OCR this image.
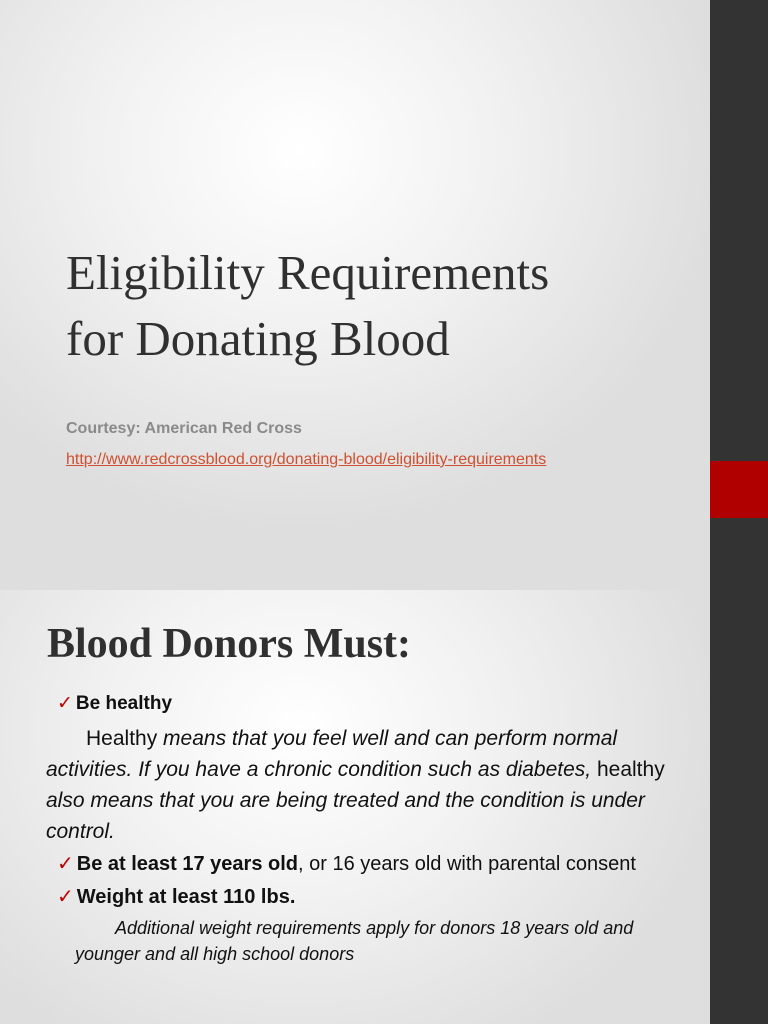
Eligibility Requirements
for Donating Blood
Courtesy: American Red Cross
http://www.redcrossblood.org/donating-blood/eligibility-requirements
Blood Donors Must:
✓ Be healthy
Healthy means that you feel well and can perform normal activities. If you have a chronic condition such as diabetes, healthy also means that you are being treated and the condition is under control.
✓ Be at least 17 years old, or 16 years old with parental consent
✓ Weight at least 110 lbs.
Additional weight requirements apply for donors 18 years old and younger and all high school donors
